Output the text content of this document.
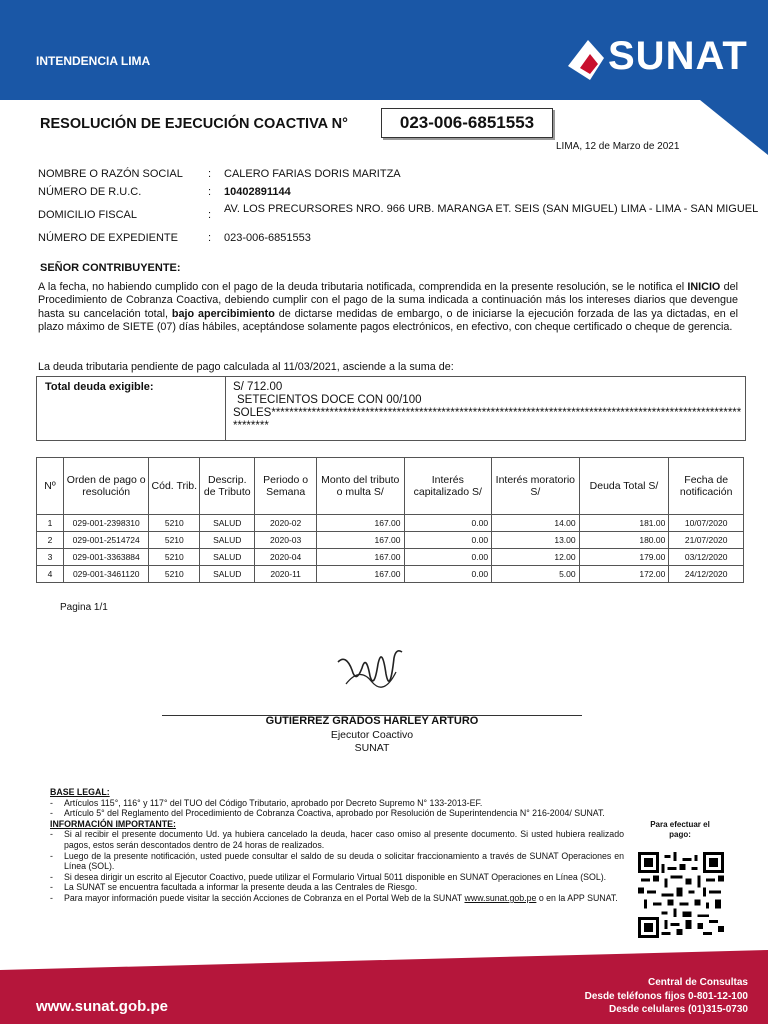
INTENDENCIA LIMA	SUNAT
RESOLUCIÓN DE EJECUCIÓN COACTIVA N°	023-006-6851553
LIMA, 12 de Marzo de 2021
NOMBRE O RAZÓN SOCIAL	: CALERO FARIAS DORIS MARITZA
NÚMERO DE R.U.C.	: 10402891144
DOMICILIO FISCAL	: AV. LOS PRECURSORES NRO. 966 URB. MARANGA ET. SEIS (SAN MIGUEL) LIMA - LIMA - SAN MIGUEL
NÚMERO DE EXPEDIENTE	: 023-006-6851553
SEÑOR CONTRIBUYENTE:
A la fecha, no habiendo cumplido con el pago de la deuda tributaria notificada, comprendida en la presente resolución, se le notifica el INICIO del Procedimiento de Cobranza Coactiva, debiendo cumplir con el pago de la suma indicada a continuación más los intereses diarios que devengue hasta su cancelación total, bajo apercibimiento de dictarse medidas de embargo, o de iniciarse la ejecución forzada de las ya dictadas, en el plazo máximo de SIETE (07) días hábiles, aceptándose solamente pagos electrónicos, en efectivo, con cheque certificado o cheque de gerencia.
La deuda tributaria pendiente de pago calculada al 11/03/2021, asciende a la suma de:
Total deuda exigible:	S/ 712.00
SETECIENTOS DOCE CON 00/100
SOLES*****************************************************************************************************************
Nº	Orden de pago o resolución	Cód. Trib.	Descrip. de Tributo	Periodo o Semana	Monto del tributo o multa S/	Interés capitalizado S/	Interés moratorio S/	Deuda Total S/	Fecha de notificación
1	029-001-2398310	5210	SALUD	2020-02	167.00	0.00	14.00	181.00	10/07/2020
2	029-001-2514724	5210	SALUD	2020-03	167.00	0.00	13.00	180.00	21/07/2020
3	029-001-3363884	5210	SALUD	2020-04	167.00	0.00	12.00	179.00	03/12/2020
4	029-001-3461120	5210	SALUD	2020-11	167.00	0.00	5.00	172.00	24/12/2020
Pagina 1/1
GUTIERREZ GRADOS HARLEY ARTURO
Ejecutor Coactivo
SUNAT
BASE LEGAL:
- Artículos 115°, 116° y 117° del TUO del Código Tributario, aprobado por Decreto Supremo N° 133-2013-EF.
- Artículo 5° del Reglamento del Procedimiento de Cobranza Coactiva, aprobado por Resolución de Superintendencia N° 216-2004/ SUNAT.
INFORMACIÓN IMPORTANTE:
- Si al recibir el presente documento Ud. ya hubiera cancelado la deuda, hacer caso omiso al presente documento. Si usted hubiera realizado pagos, estos serán descontados dentro de 24 horas de realizados.
- Luego de la presente notificación, usted puede consultar el saldo de su deuda o solicitar fraccionamiento a través de SUNAT Operaciones en Línea (SOL).
- Si desea dirigir un escrito al Ejecutor Coactivo, puede utilizar el Formulario Virtual 5011 disponible en SUNAT Operaciones en Línea (SOL).
- La SUNAT se encuentra facultada a informar la presente deuda a las Centrales de Riesgo.
- Para mayor información puede visitar la sección Acciones de Cobranza en el Portal Web de la SUNAT www.sunat.gob.pe o en la APP SUNAT.
Para efectuar el pago:
www.sunat.gob.pe
Central de Consultas
Desde teléfonos fijos 0-801-12-100
Desde celulares (01)315-0730
